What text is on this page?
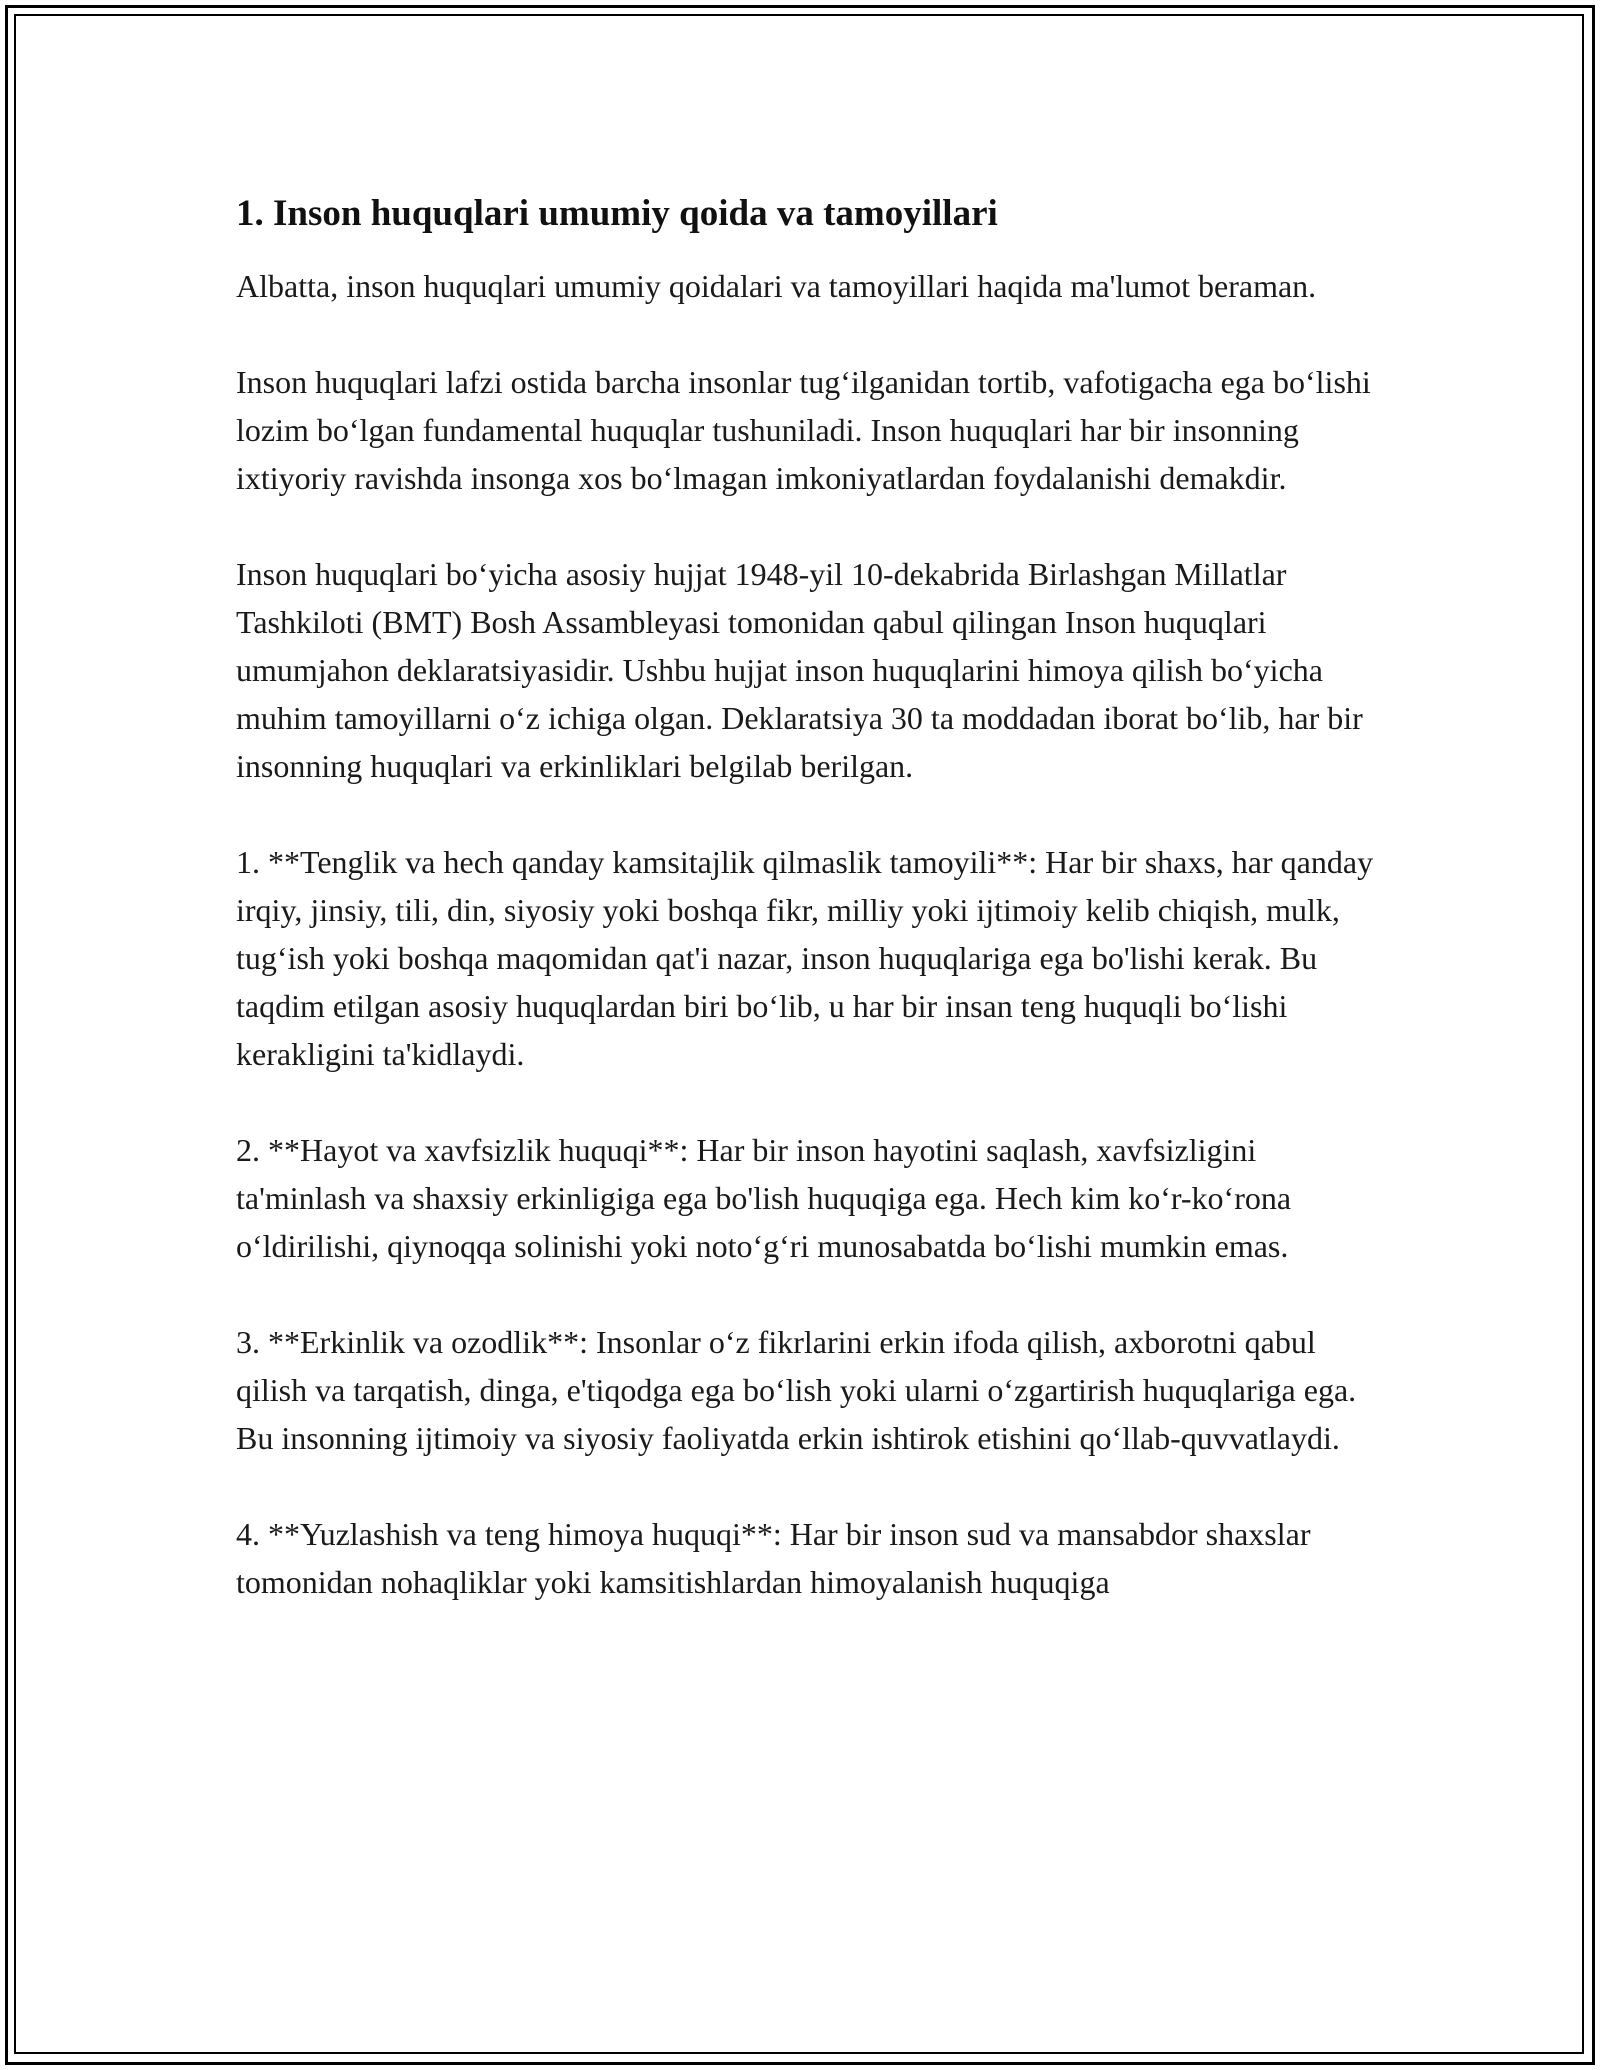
1. Inson huquqlari umumiy qoida va tamoyillari

Albatta, inson huquqlari umumiy qoidalari va tamoyillari haqida ma'lumot beraman.

Inson huquqlari lafzi ostida barcha insonlar tug‘ilganidan tortib, vafotigacha ega bo‘lishi lozim bo‘lgan fundamental huquqlar tushuniladi. Inson huquqlari har bir insonning ixtiyoriy ravishda insonga xos bo‘lmagan imkoniyatlardan foydalanishi demakdir.

Inson huquqlari bo‘yicha asosiy hujjat 1948-yil 10-dekabrida Birlashgan Millatlar Tashkiloti (BMT) Bosh Assambleyasi tomonidan qabul qilingan Inson huquqlari umumjahon deklaratsiyasidir. Ushbu hujjat inson huquqlarini himoya qilish bo‘yicha muhim tamoyillarni o‘z ichiga olgan. Deklaratsiya 30 ta moddadan iborat bo‘lib, har bir insonning huquqlari va erkinliklari belgilab berilgan.

1. **Tenglik va hech qanday kamsitajlik qilmaslik tamoyili**: Har bir shaxs, har qanday irqiy, jinsiy, tili, din, siyosiy yoki boshqa fikr, milliy yoki ijtimoiy kelib chiqish, mulk, tug‘ish yoki boshqa maqomidan qat'i nazar, inson huquqlariga ega bo'lishi kerak. Bu taqdim etilgan asosiy huquqlardan biri bo‘lib, u har bir insan teng huquqli bo‘lishi kerakligini ta'kidlaydi.

2. **Hayot va xavfsizlik huquqi**: Har bir inson hayotini saqlash, xavfsizligini ta'minlash va shaxsiy erkinligiga ega bo'lish huquqiga ega. Hech kim ko‘r-ko‘rona o‘ldirilishi, qiynoqqa solinishi yoki noto‘g‘ri munosabatda bo‘lishi mumkin emas.

3. **Erkinlik va ozodlik**: Insonlar o‘z fikrlarini erkin ifoda qilish, axborotni qabul qilish va tarqatish, dinga, e'tiqodga ega bo‘lish yoki ularni o‘zgartirish huquqlariga ega. Bu insonning ijtimoiy va siyosiy faoliyatda erkin ishtirok etishini qo‘llab-quvvatlaydi.

4. **Yuzlashish va teng himoya huquqi**: Har bir inson sud va mansabdor shaxslar tomonidan nohaqliklar yoki kamsitishlardan himoyalanish huquqiga
